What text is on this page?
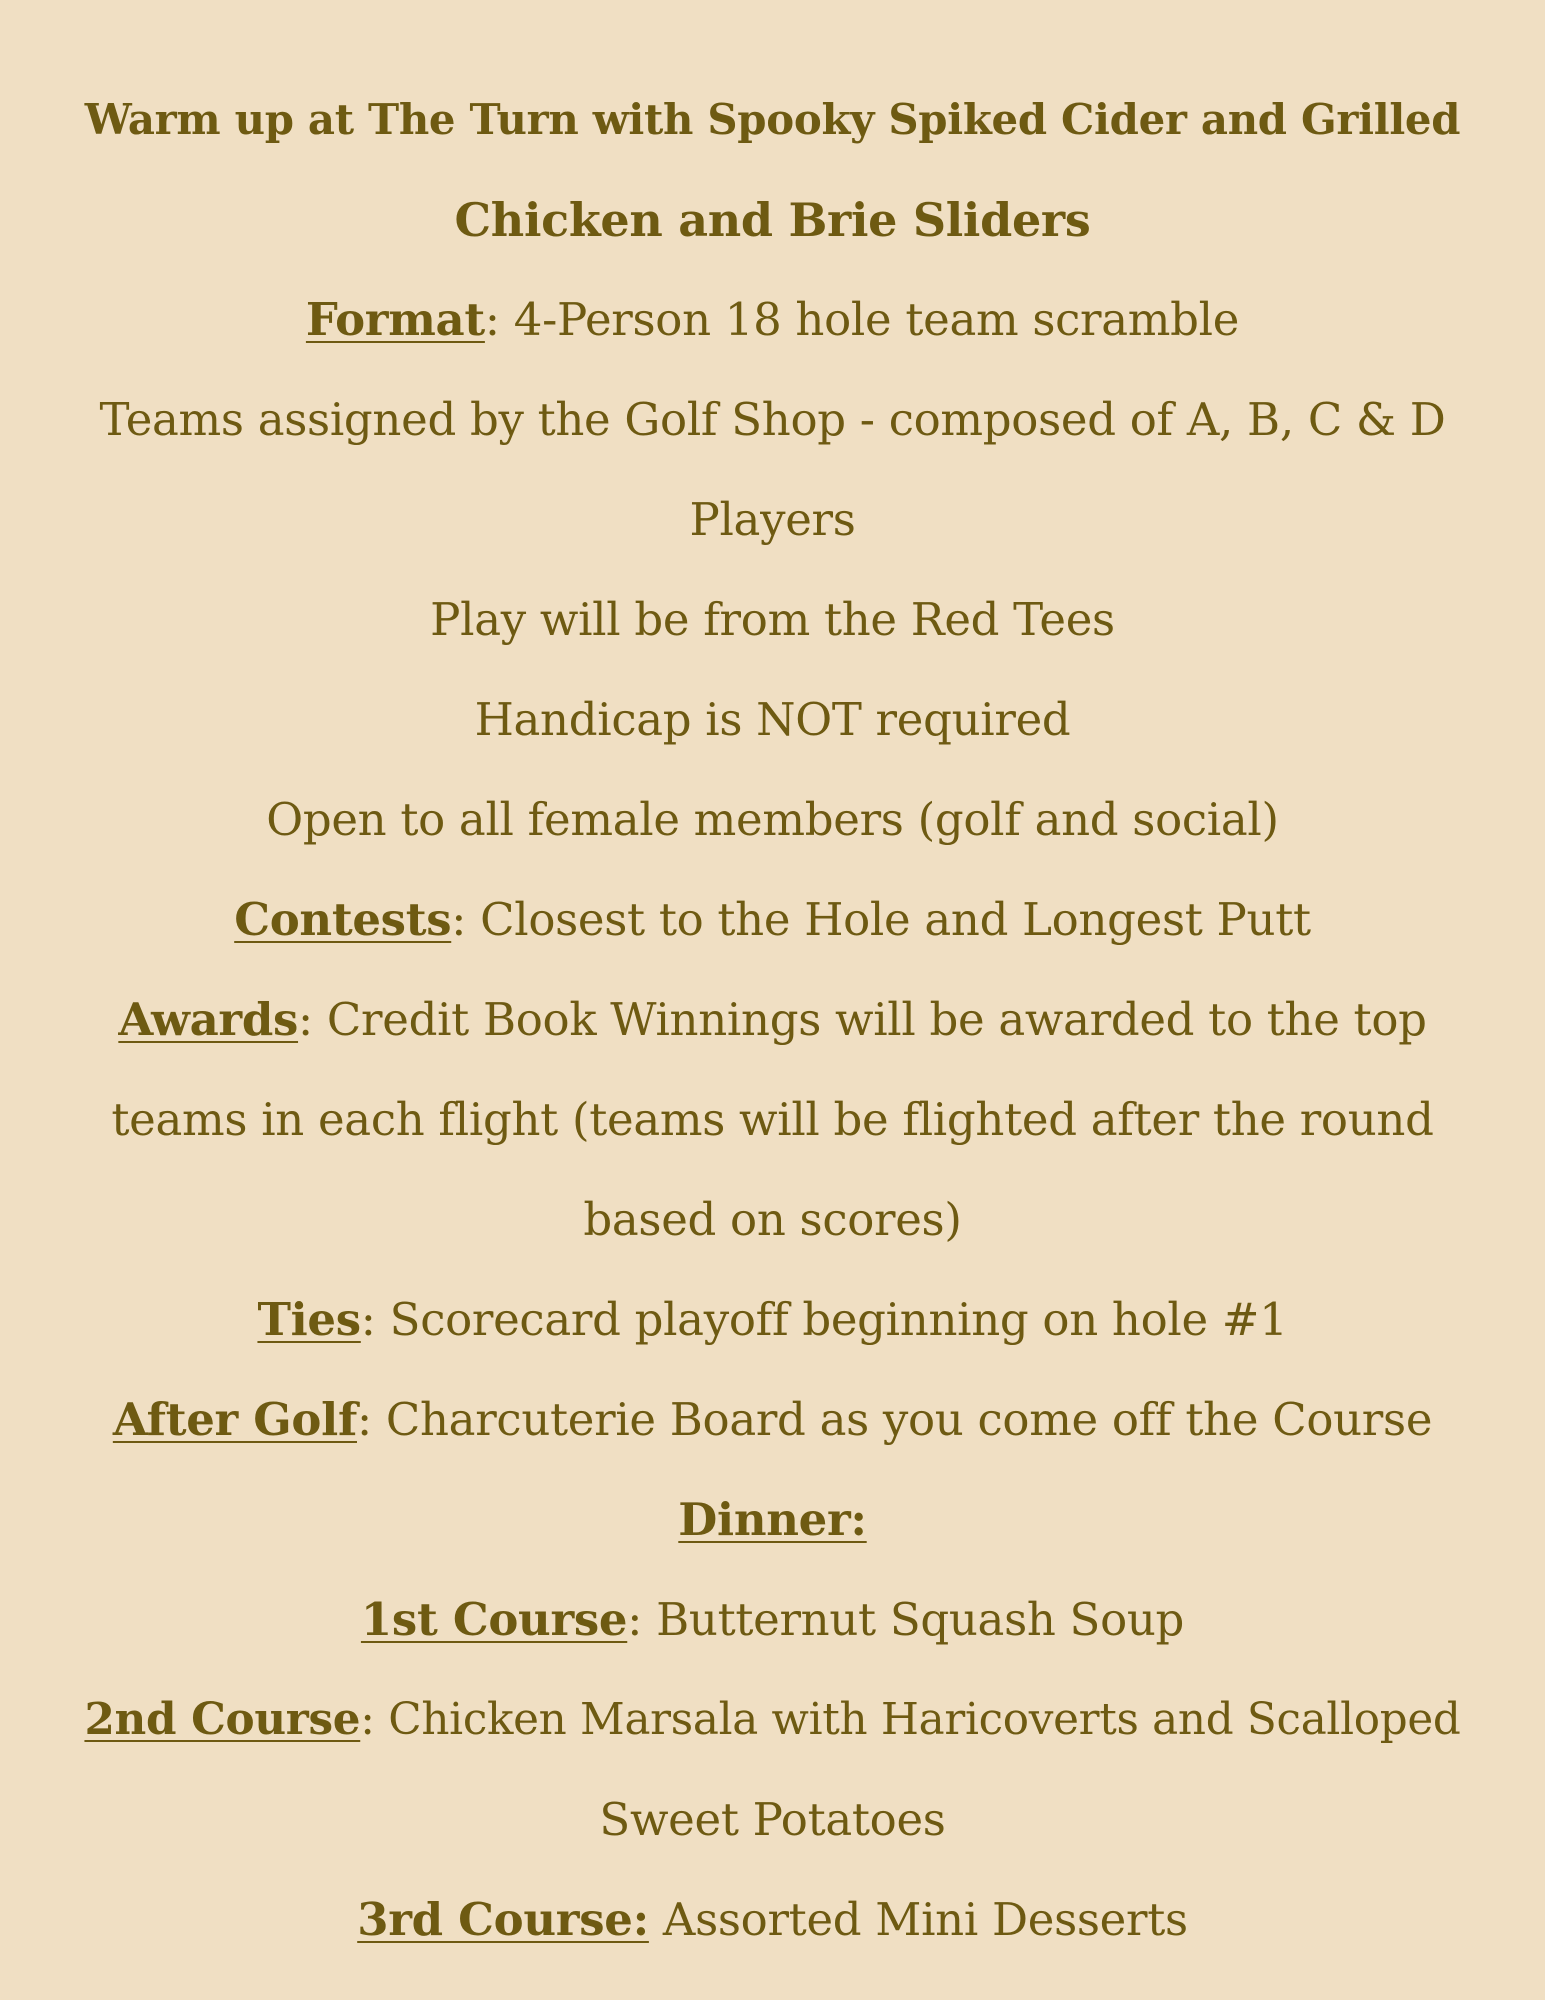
Warm up at The Turn with Spooky Spiked Cider and Grilled

Chicken and Brie Sliders

Format: 4-Person 18 hole team scramble

Teams assigned by the Golf Shop - composed of A, B, C & D

Players

Play will be from the Red Tees

Handicap is NOT required

Open to all female members (golf and social)

Contests: Closest to the Hole and Longest Putt

Awards: Credit Book Winnings will be awarded to the top

teams in each flight (teams will be flighted after the round

based on scores)

Ties: Scorecard playoff beginning on hole #1

After Golf: Charcuterie Board as you come off the Course

Dinner:

1st Course: Butternut Squash Soup

2nd Course: Chicken Marsala with Haricoverts and Scalloped

Sweet Potatoes

3rd Course: Assorted Mini Desserts
